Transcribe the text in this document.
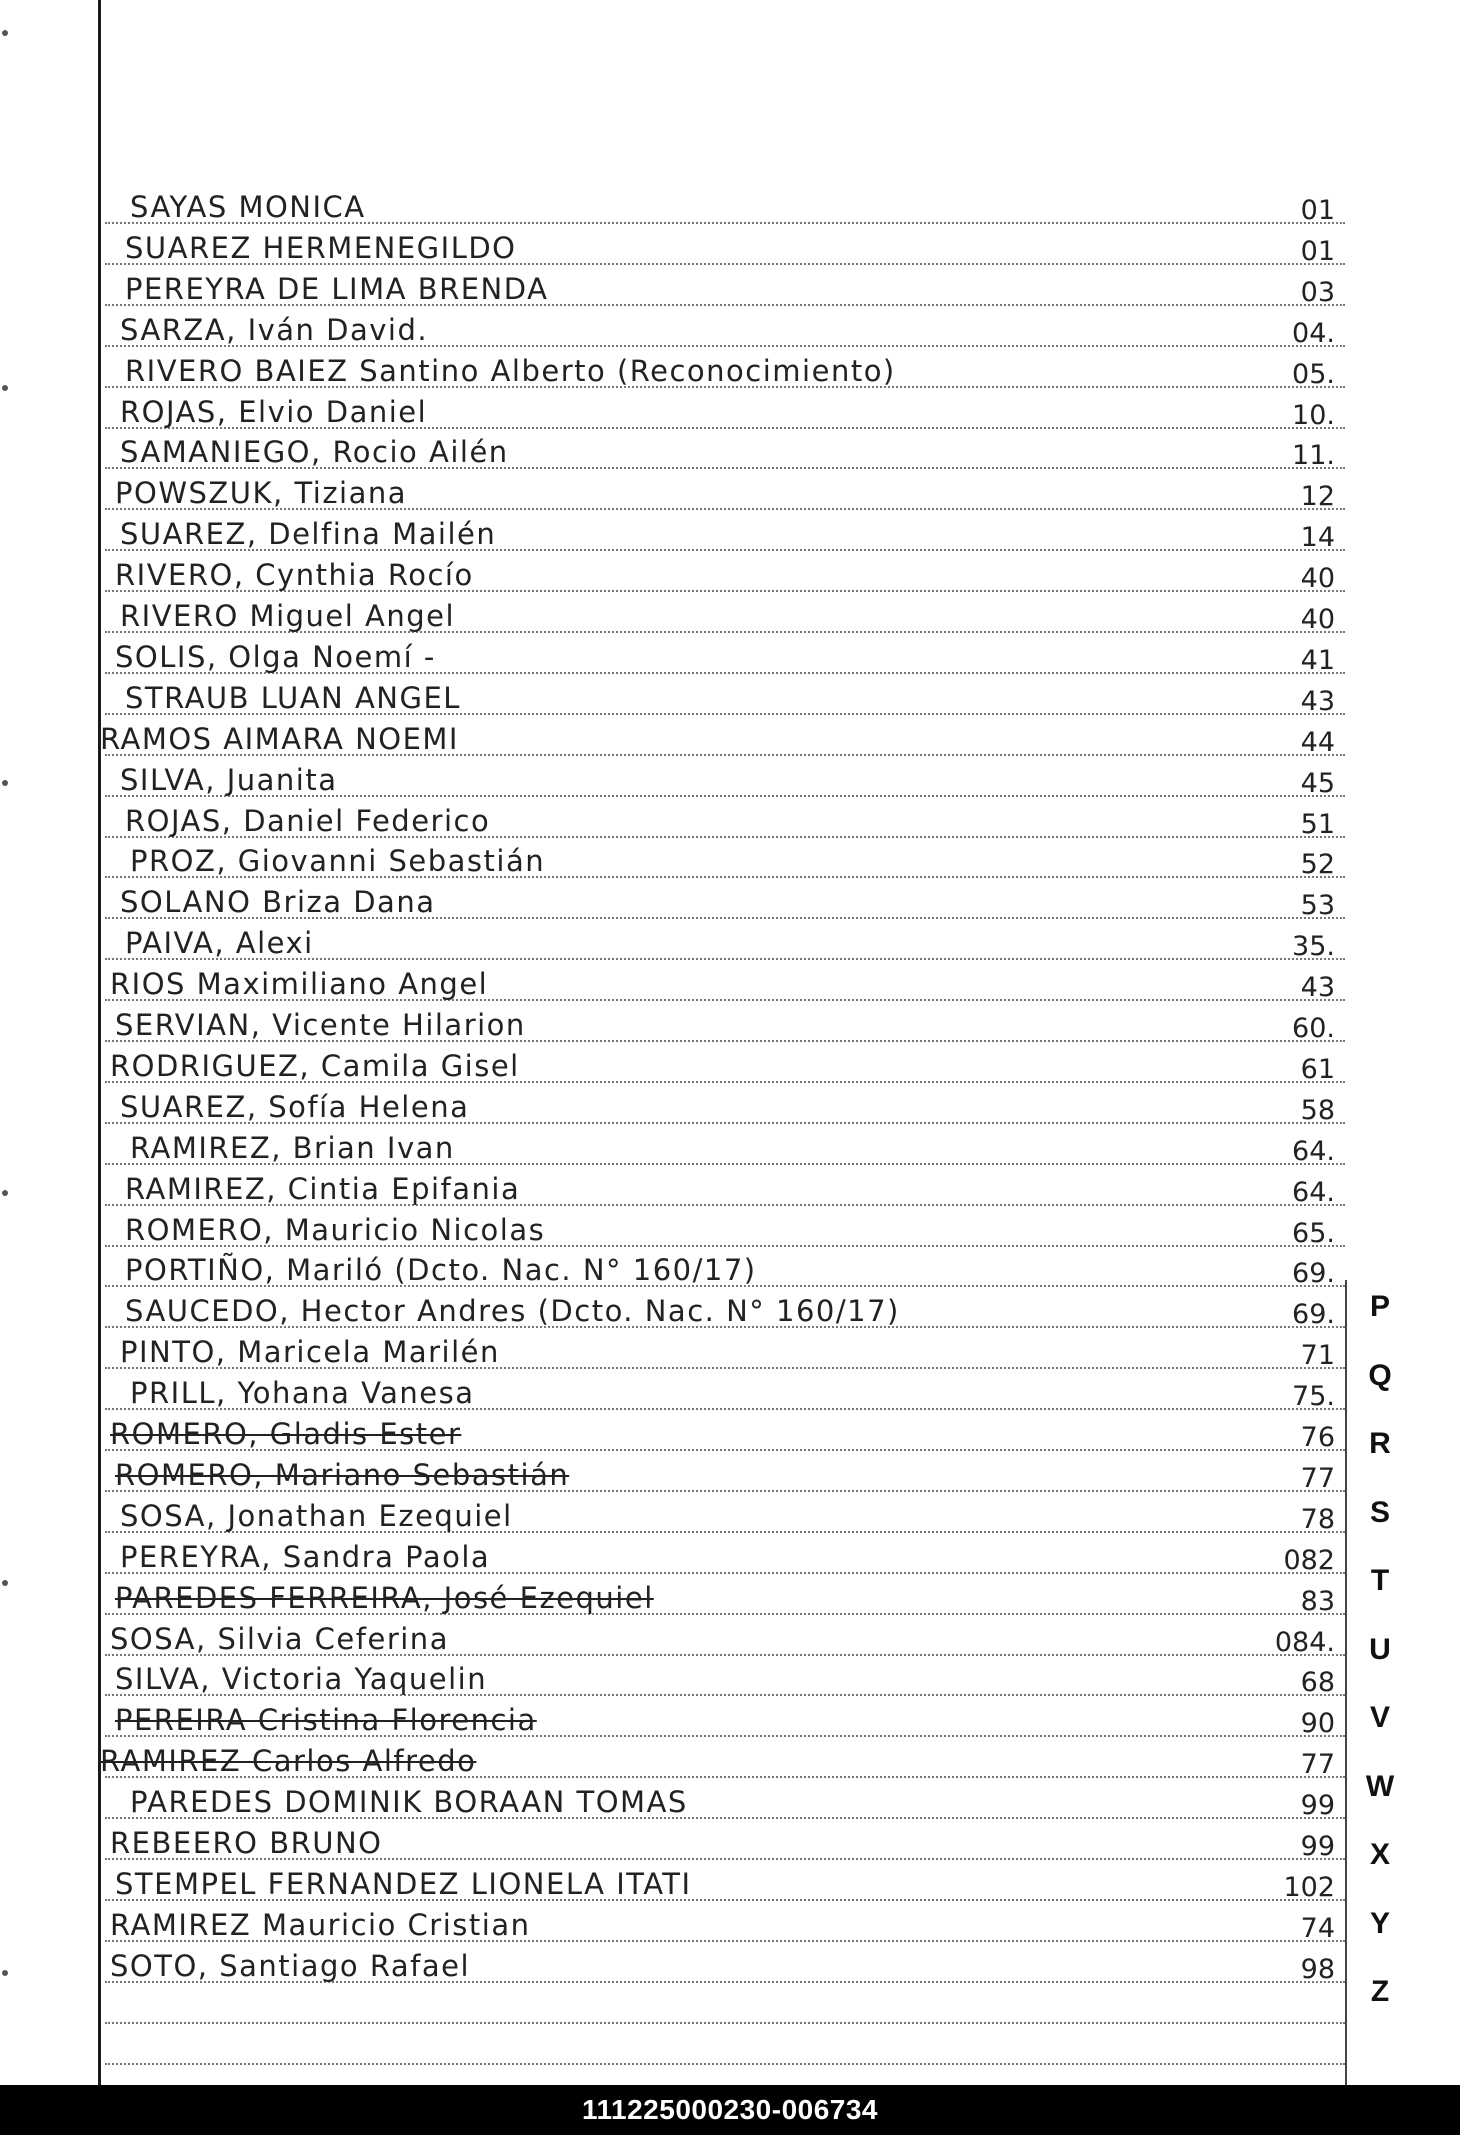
SAYAS MONICA	01
SUAREZ HERMENEGILDO	01
PEREYRA DE LIMA BRENDA	03
SARZA, Iván David.	04.
RIVERO BAIEZ Santino Alberto (Reconocimiento)	05.
ROJAS, Elvio Daniel	10.
SAMANIEGO, Rocio Ailén	11.
POWSZUK, Tiziana	12
SUAREZ, Delfina Mailén	14
RIVERO, Cynthia Rocío	40
RIVERO Miguel Angel	40
SOLIS, Olga Noemí -	41
STRAUB LUAN ANGEL	43
RAMOS AIMARA NOEMI	44
SILVA, Juanita	45
ROJAS, Daniel Federico	51
PROZ, Giovanni Sebastián	52
SOLANO Briza Dana	53
PAIVA, Alexi	35.
RIOS Maximiliano Angel	43
SERVIAN, Vicente Hilarion	60.
RODRIGUEZ, Camila Gisel	61
SUAREZ, Sofía Helena	58
RAMIREZ, Brian Ivan	64.
RAMIREZ, Cintia Epifania	64.
ROMERO, Mauricio Nicolas	65.
PORTIÑO, Mariló (Dcto. Nac. N° 160/17)	69.
SAUCEDO, Hector Andres (Dcto. Nac. N° 160/17)	69.
PINTO, Maricela Marilén	71
PRILL, Yohana Vanesa	75.
ROMERO, Gladis Ester	76
ROMERO, Mariano Sebastián	77
SOSA, Jonathan Ezequiel	78
PEREYRA, Sandra Paola	082
PAREDES FERREIRA, José Ezequiel	83
SOSA, Silvia Ceferina	084.
SILVA, Victoria Yaquelin	68
PEREIRA Cristina Florencia	90
RAMIREZ Carlos Alfredo	77
PAREDES DOMINIK BORAAN TOMAS	99
REBEERO BRUNO	99
STEMPEL FERNANDEZ LIONELA ITATI	102
RAMIREZ Mauricio Cristian	74
SOTO, Santiago Rafael	98
P
Q
R
S
T
U
V
W
X
Y
Z
111225000230-006734
